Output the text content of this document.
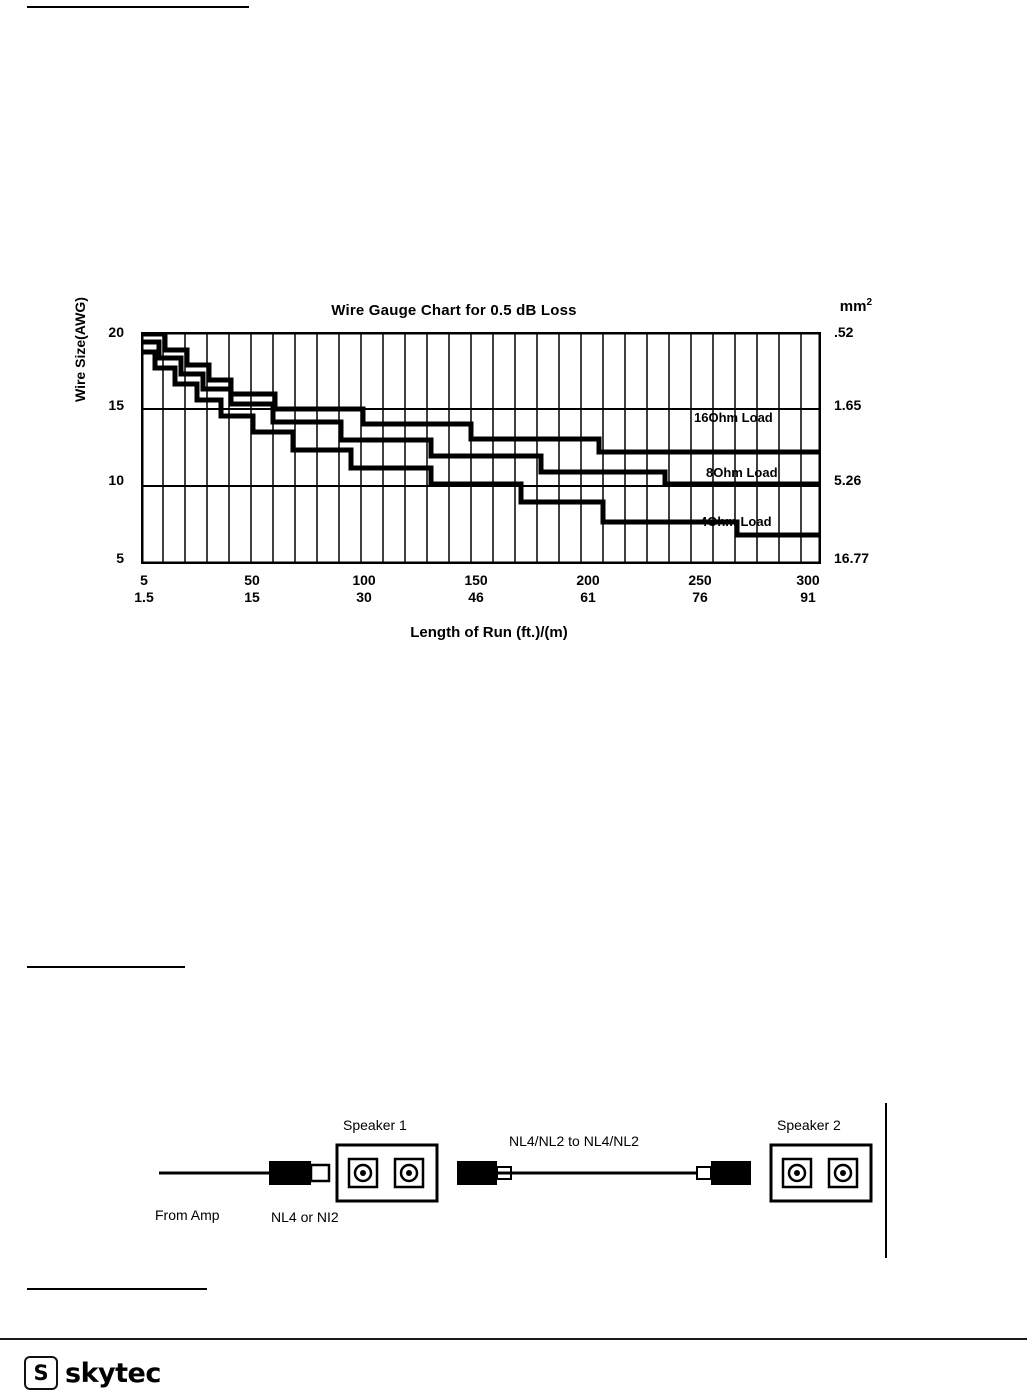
Wire Gauge Chart for 0.5 dB Loss	$mm^2$
Wire Size(AWG)	20
15
10
5
.52
1.65
5.26
16.77
16Ohm Load
8Ohm Load
4Ohm Load
5
1.5
50
15
100
30
150
46
200
61
250
76
300
91
Length of Run (ft.)/(m)
From Amp	NL4 or NI2
Speaker 1
NL4/NL2 to NL4/NL2
Speaker 2
S skytec
